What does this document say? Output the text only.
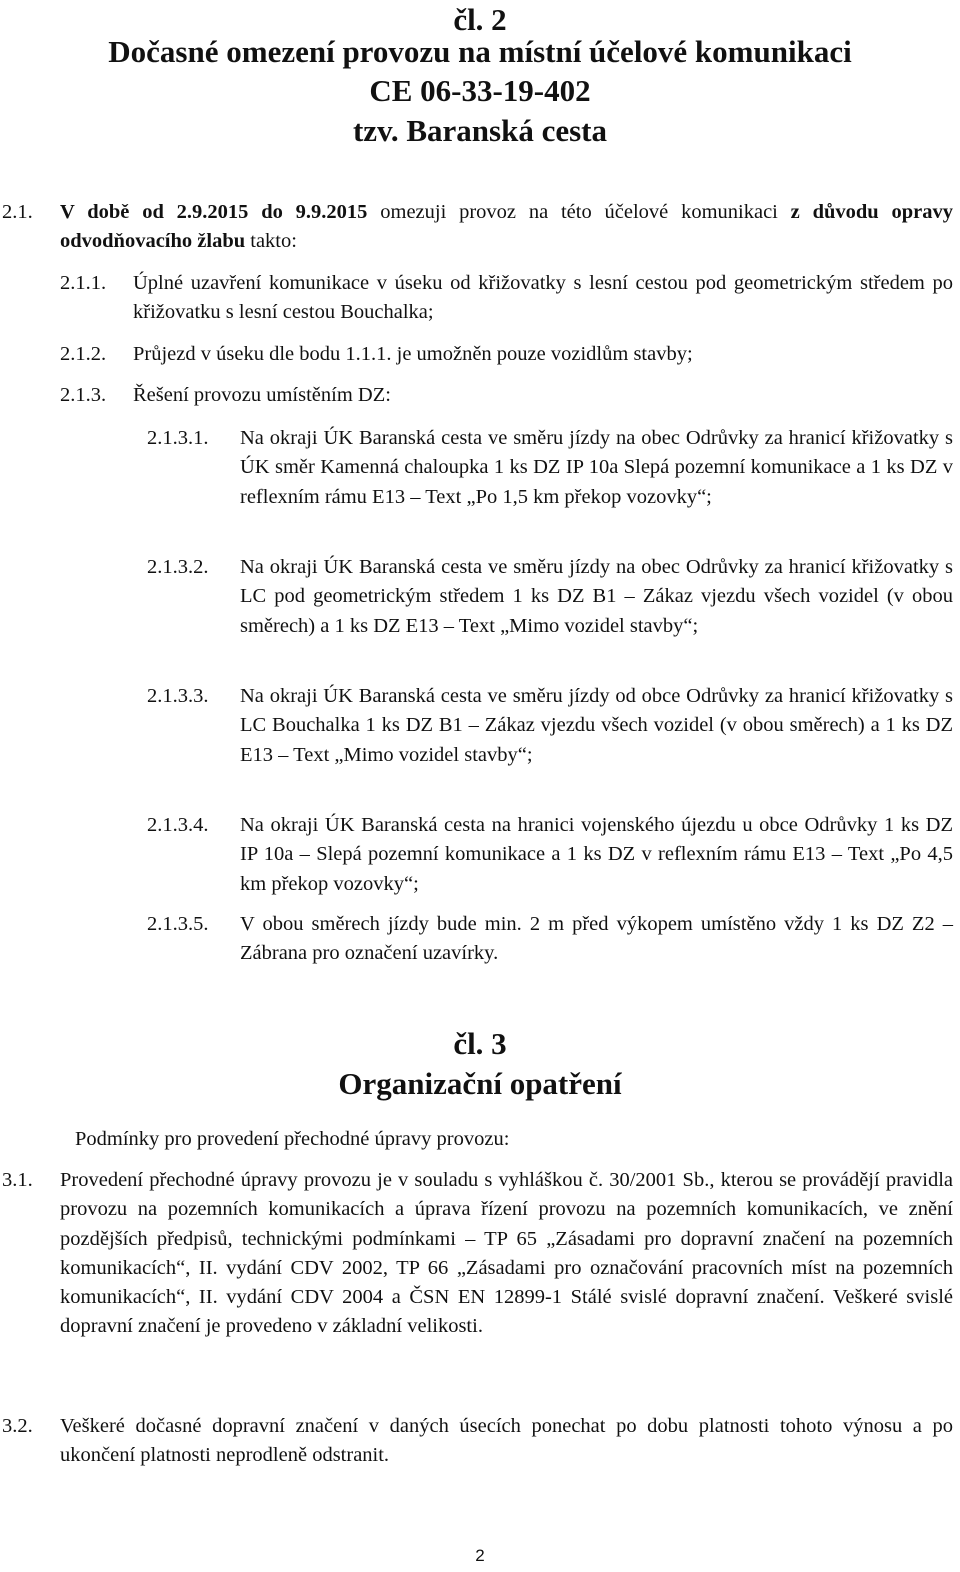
čl. 2
Dočasné omezení provozu na místní účelové komunikaci
CE 06-33-19-402
tzv. Baranská cesta
2.1. V době od 2.9.2015 do 9.9.2015 omezuji provoz na této účelové komunikaci z důvodu opravy odvodňovacího žlabu takto:

2.1.1. Úplné uzavření komunikace v úseku od křižovatky s lesní cestou pod geometrickým středem po křižovatku s lesní cestou Bouchalka;

2.1.2. Průjezd v úseku dle bodu 1.1.1. je umožněn pouze vozidlům stavby;

2.1.3. Řešení provozu umístěním DZ:

2.1.3.1. Na okraji ÚK Baranská cesta ve směru jízdy na obec Odrůvky za hranicí křižovatky s ÚK směr Kamenná chaloupka 1 ks DZ IP 10a Slepá pozemní komunikace a 1 ks DZ v reflexním rámu E13 – Text „Po 1,5 km překop vozovky“;

2.1.3.2. Na okraji ÚK Baranská cesta ve směru jízdy na obec Odrůvky za hranicí křižovatky s LC pod geometrickým středem 1 ks DZ B1 – Zákaz vjezdu všech vozidel (v obou směrech) a 1 ks DZ E13 – Text „Mimo vozidel stavby“;

2.1.3.3. Na okraji ÚK Baranská cesta ve směru jízdy od obce Odrůvky za hranicí křižovatky s LC Bouchalka 1 ks DZ B1 – Zákaz vjezdu všech vozidel (v obou směrech) a 1 ks DZ E13 – Text „Mimo vozidel stavby“;

2.1.3.4. Na okraji ÚK Baranská cesta na hranici vojenského újezdu u obce Odrůvky 1 ks DZ IP 10a – Slepá pozemní komunikace a 1 ks DZ v reflexním rámu E13 – Text „Po 4,5 km překop vozovky“;

2.1.3.5. V obou směrech jízdy bude min. 2 m před výkopem umístěno vždy 1 ks DZ Z2 – Zábrana pro označení uzavírky.

čl. 3
Organizační opatření
Podmínky pro provedení přechodné úpravy provozu:
3.1. Provedení přechodné úpravy provozu je v souladu s vyhláškou č. 30/2001 Sb., kterou se provádějí pravidla provozu na pozemních komunikacích a úprava řízení provozu na pozemních komunikacích, ve znění pozdějších předpisů, technickými podmínkami – TP 65 „Zásadami pro dopravní značení na pozemních komunikacích“, II. vydání CDV 2002, TP 66 „Zásadami pro označování pracovních míst na pozemních komunikacích“, II. vydání CDV 2004 a ČSN EN 12899-1 Stálé svislé dopravní značení. Veškeré svislé dopravní značení je provedeno v základní velikosti.

3.2. Veškeré dočasné dopravní značení v daných úsecích ponechat po dobu platnosti tohoto výnosu a po ukončení platnosti neprodleně odstranit.

2
